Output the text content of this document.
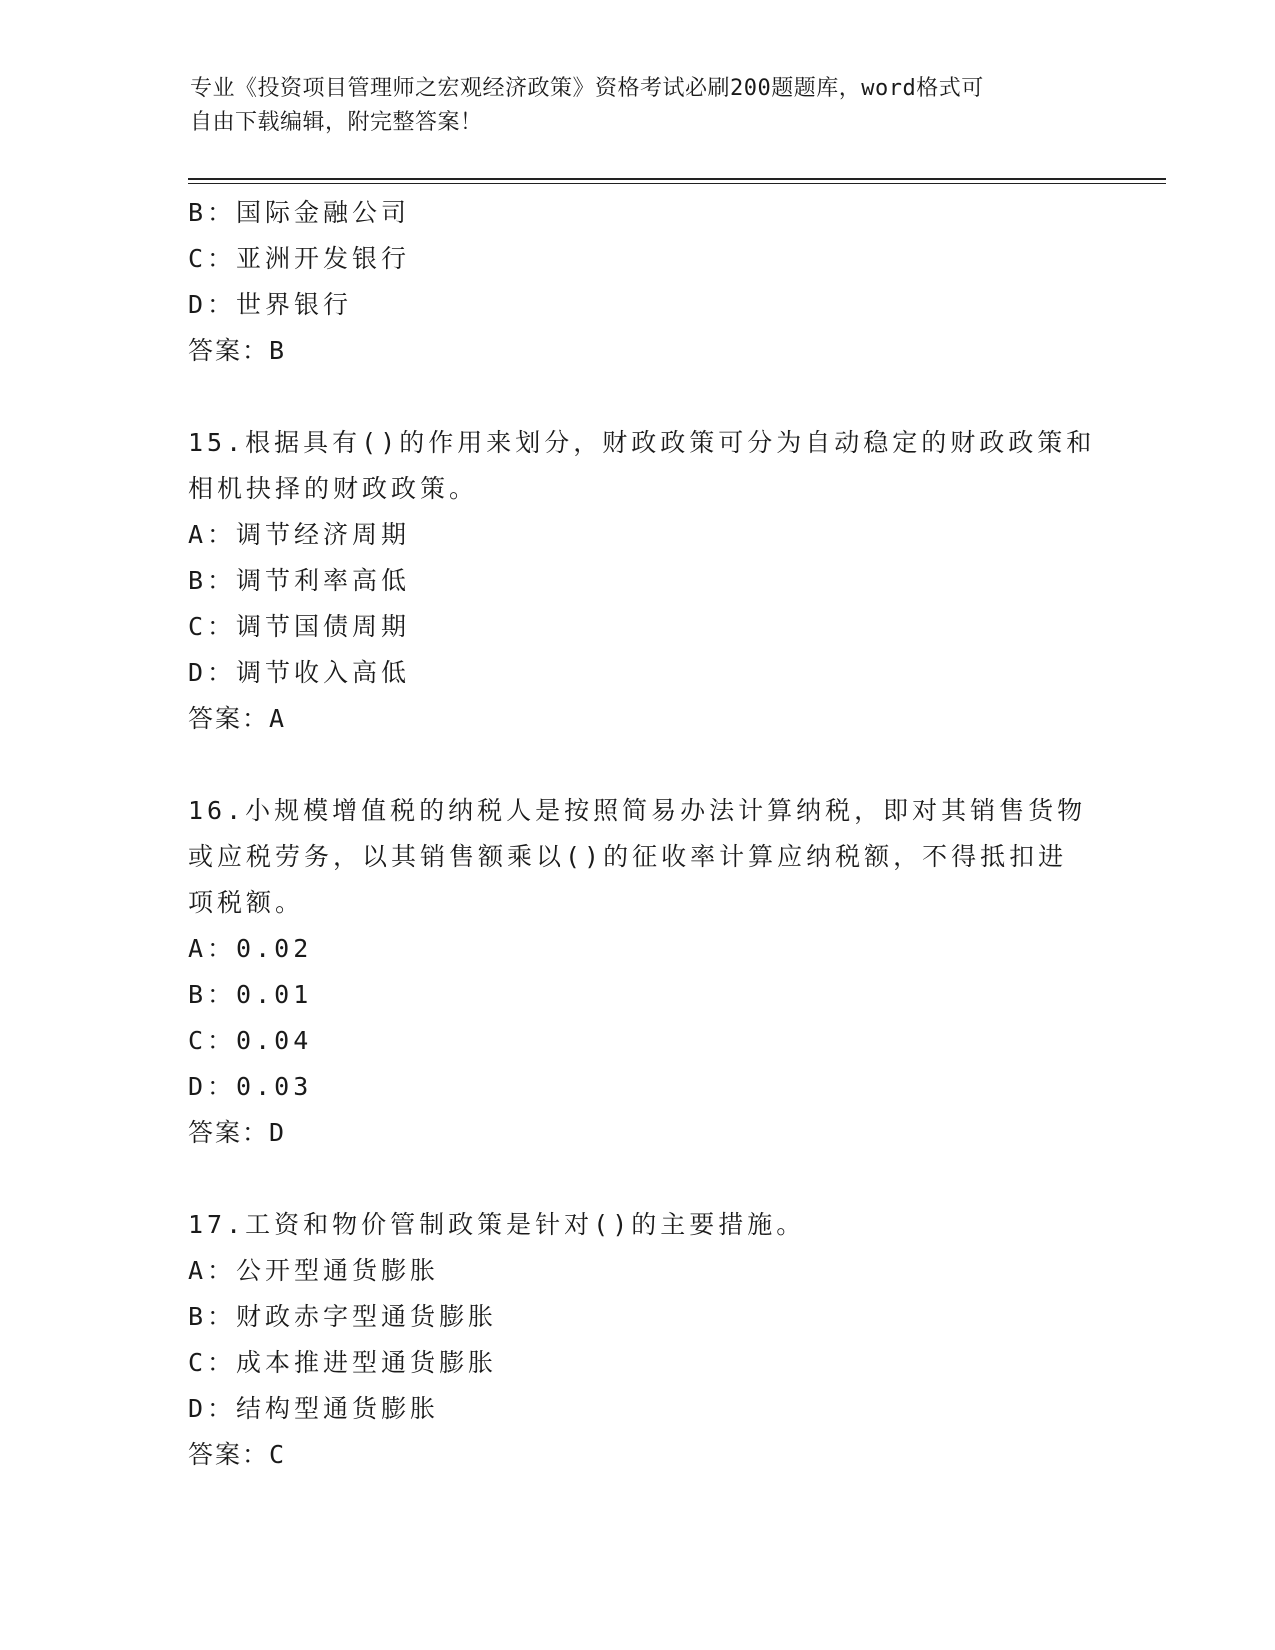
专业《投资项目管理师之宏观经济政策》资格考试必刷200题题库，word格式可
自由下载编辑，附完整答案！
B：国际金融公司
C：亚洲开发银行
D：世界银行
答案：B
15.根据具有()的作用来划分，财政政策可分为自动稳定的财政政策和
相机抉择的财政政策。
A：调节经济周期
B：调节利率高低
C：调节国债周期
D：调节收入高低
答案：A
16.小规模增值税的纳税人是按照简易办法计算纳税，即对其销售货物
或应税劳务，以其销售额乘以()的征收率计算应纳税额，不得抵扣进
项税额。
A：0.02
B：0.01
C：0.04
D：0.03
答案：D
17.工资和物价管制政策是针对()的主要措施。
A：公开型通货膨胀
B：财政赤字型通货膨胀
C：成本推进型通货膨胀
D：结构型通货膨胀
答案：C
